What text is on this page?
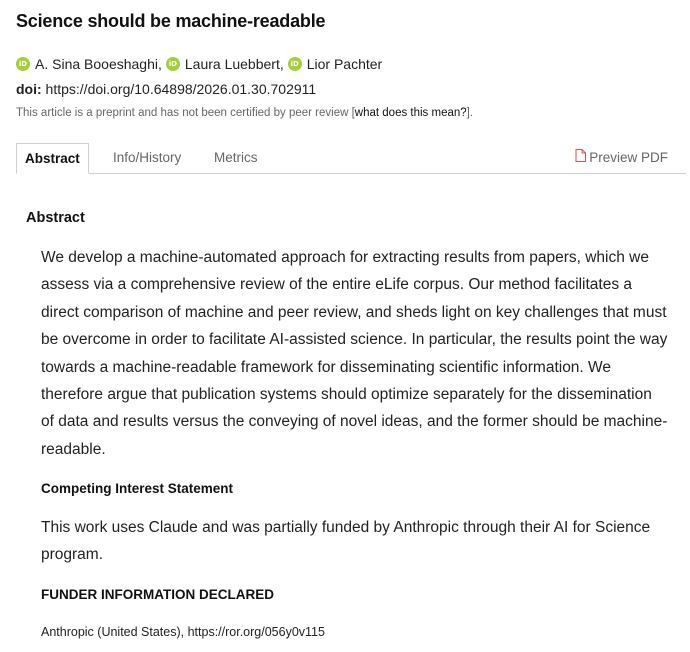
Science should be machine-readable
iD A. Sina Booeshaghi , iD Laura Luebbert , iD Lior Pachter
doi: https://doi.org/10.64898/2026.01.30.702911
This article is a preprint and has not been certified by peer review [what does this mean?].
Abstract	Info/History	Metrics	Preview PDF
Abstract

We develop a machine-automated approach for extracting results from papers, which we assess via a comprehensive review of the entire eLife corpus. Our method facilitates a direct comparison of machine and peer review, and sheds light on key challenges that must be overcome in order to facilitate AI-assisted science. In particular, the results point the way towards a machine-readable framework for disseminating scientific information. We therefore argue that publication systems should optimize separately for the dissemination of data and results versus the conveying of novel ideas, and the former should be machine-readable.

Competing Interest Statement

This work uses Claude and was partially funded by Anthropic through their AI for Science program.

FUNDER INFORMATION DECLARED

Anthropic (United States), https://ror.org/056y0v115
